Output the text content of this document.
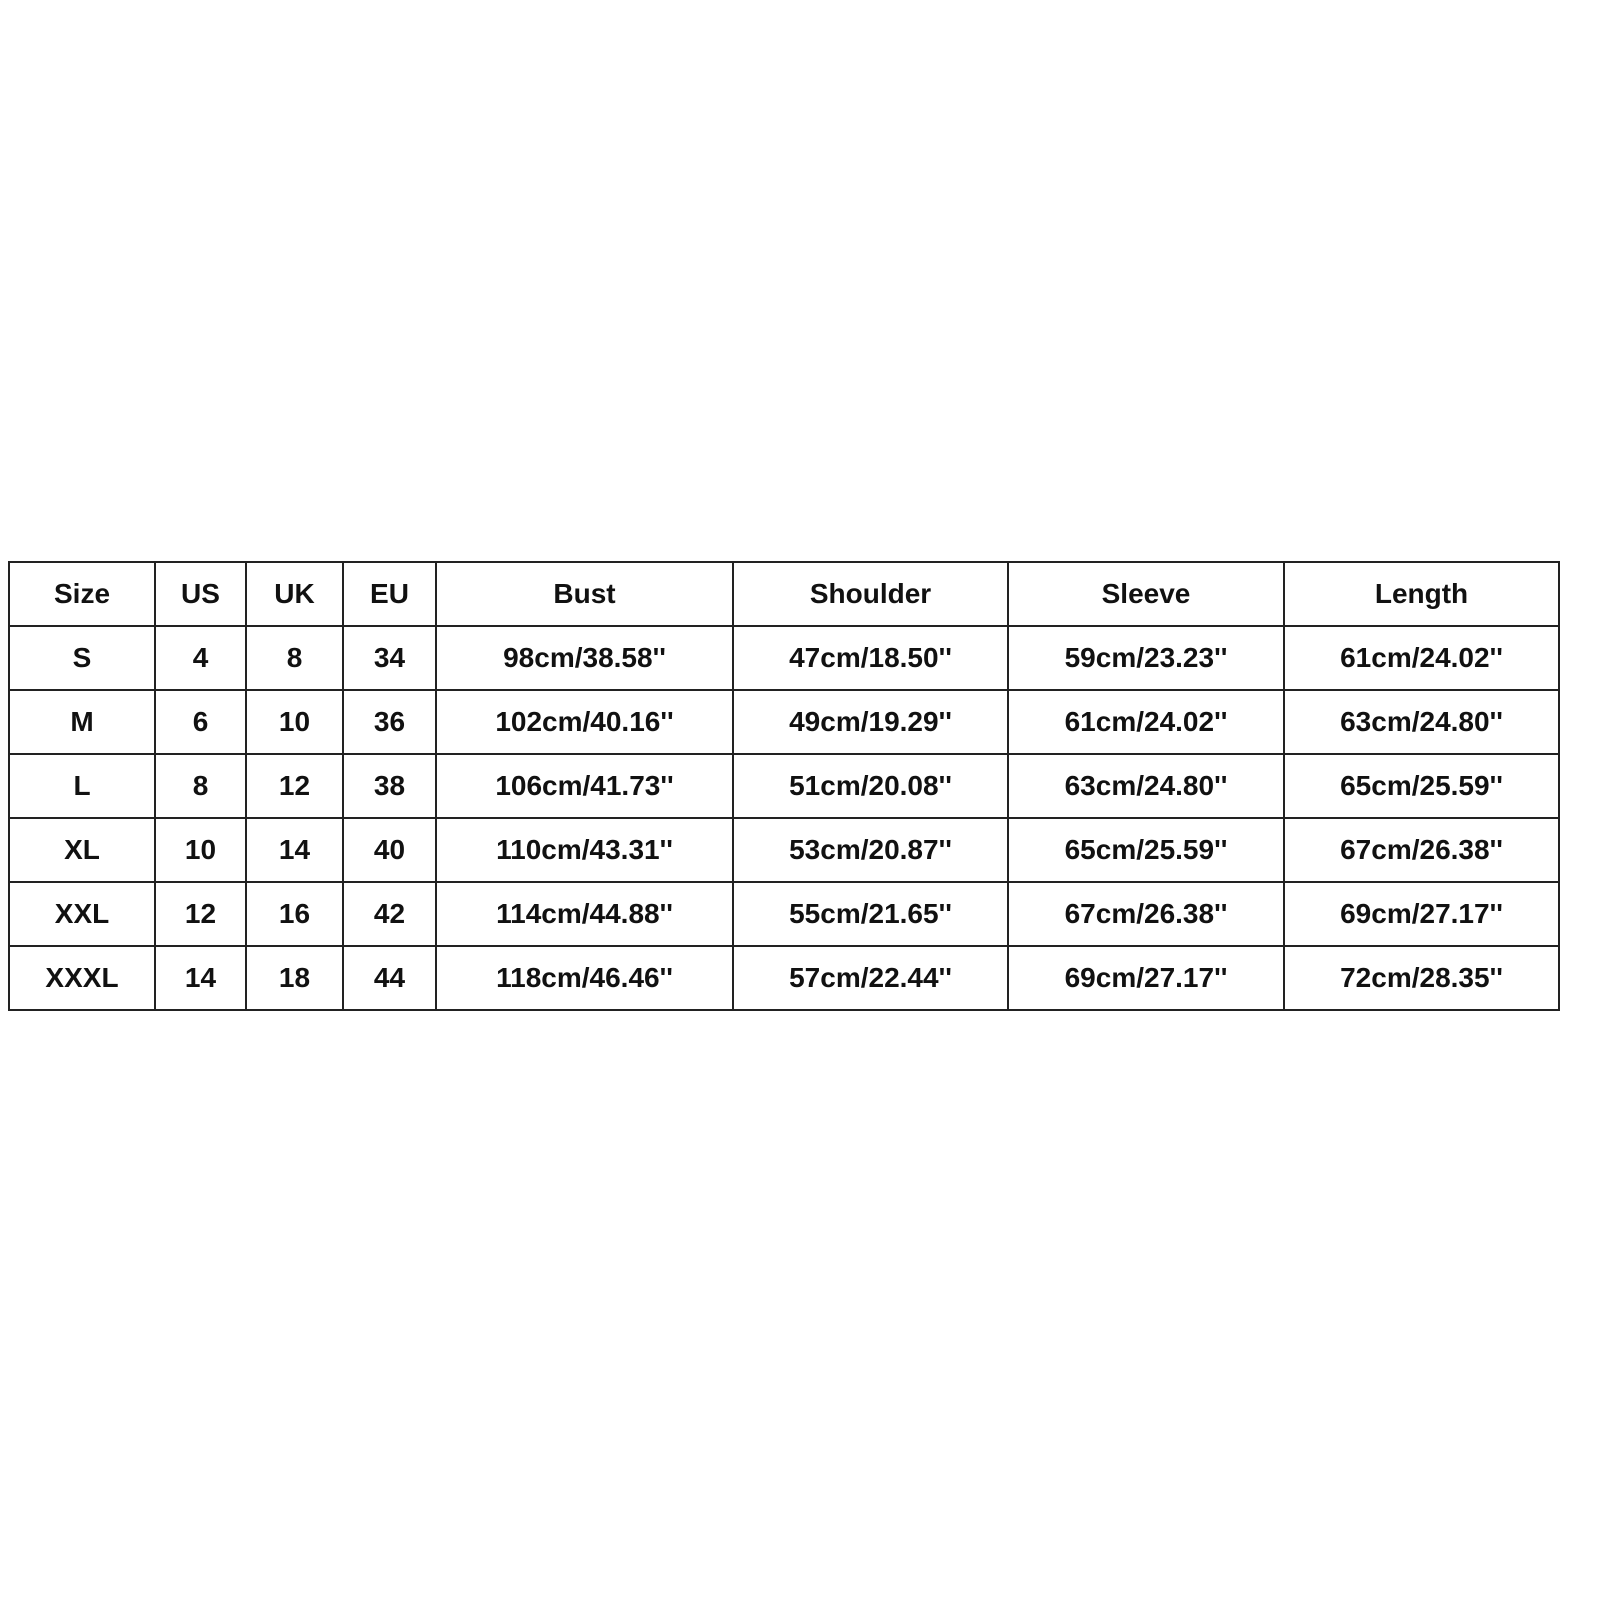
Size	US	UK	EU	Bust	Shoulder	Sleeve	Length
S	4	8	34	98cm/38.58''	47cm/18.50''	59cm/23.23''	61cm/24.02''
M	6	10	36	102cm/40.16''	49cm/19.29''	61cm/24.02''	63cm/24.80''
L	8	12	38	106cm/41.73''	51cm/20.08''	63cm/24.80''	65cm/25.59''
XL	10	14	40	110cm/43.31''	53cm/20.87''	65cm/25.59''	67cm/26.38''
XXL	12	16	42	114cm/44.88''	55cm/21.65''	67cm/26.38''	69cm/27.17''
XXXL	14	18	44	118cm/46.46''	57cm/22.44''	69cm/27.17''	72cm/28.35''
